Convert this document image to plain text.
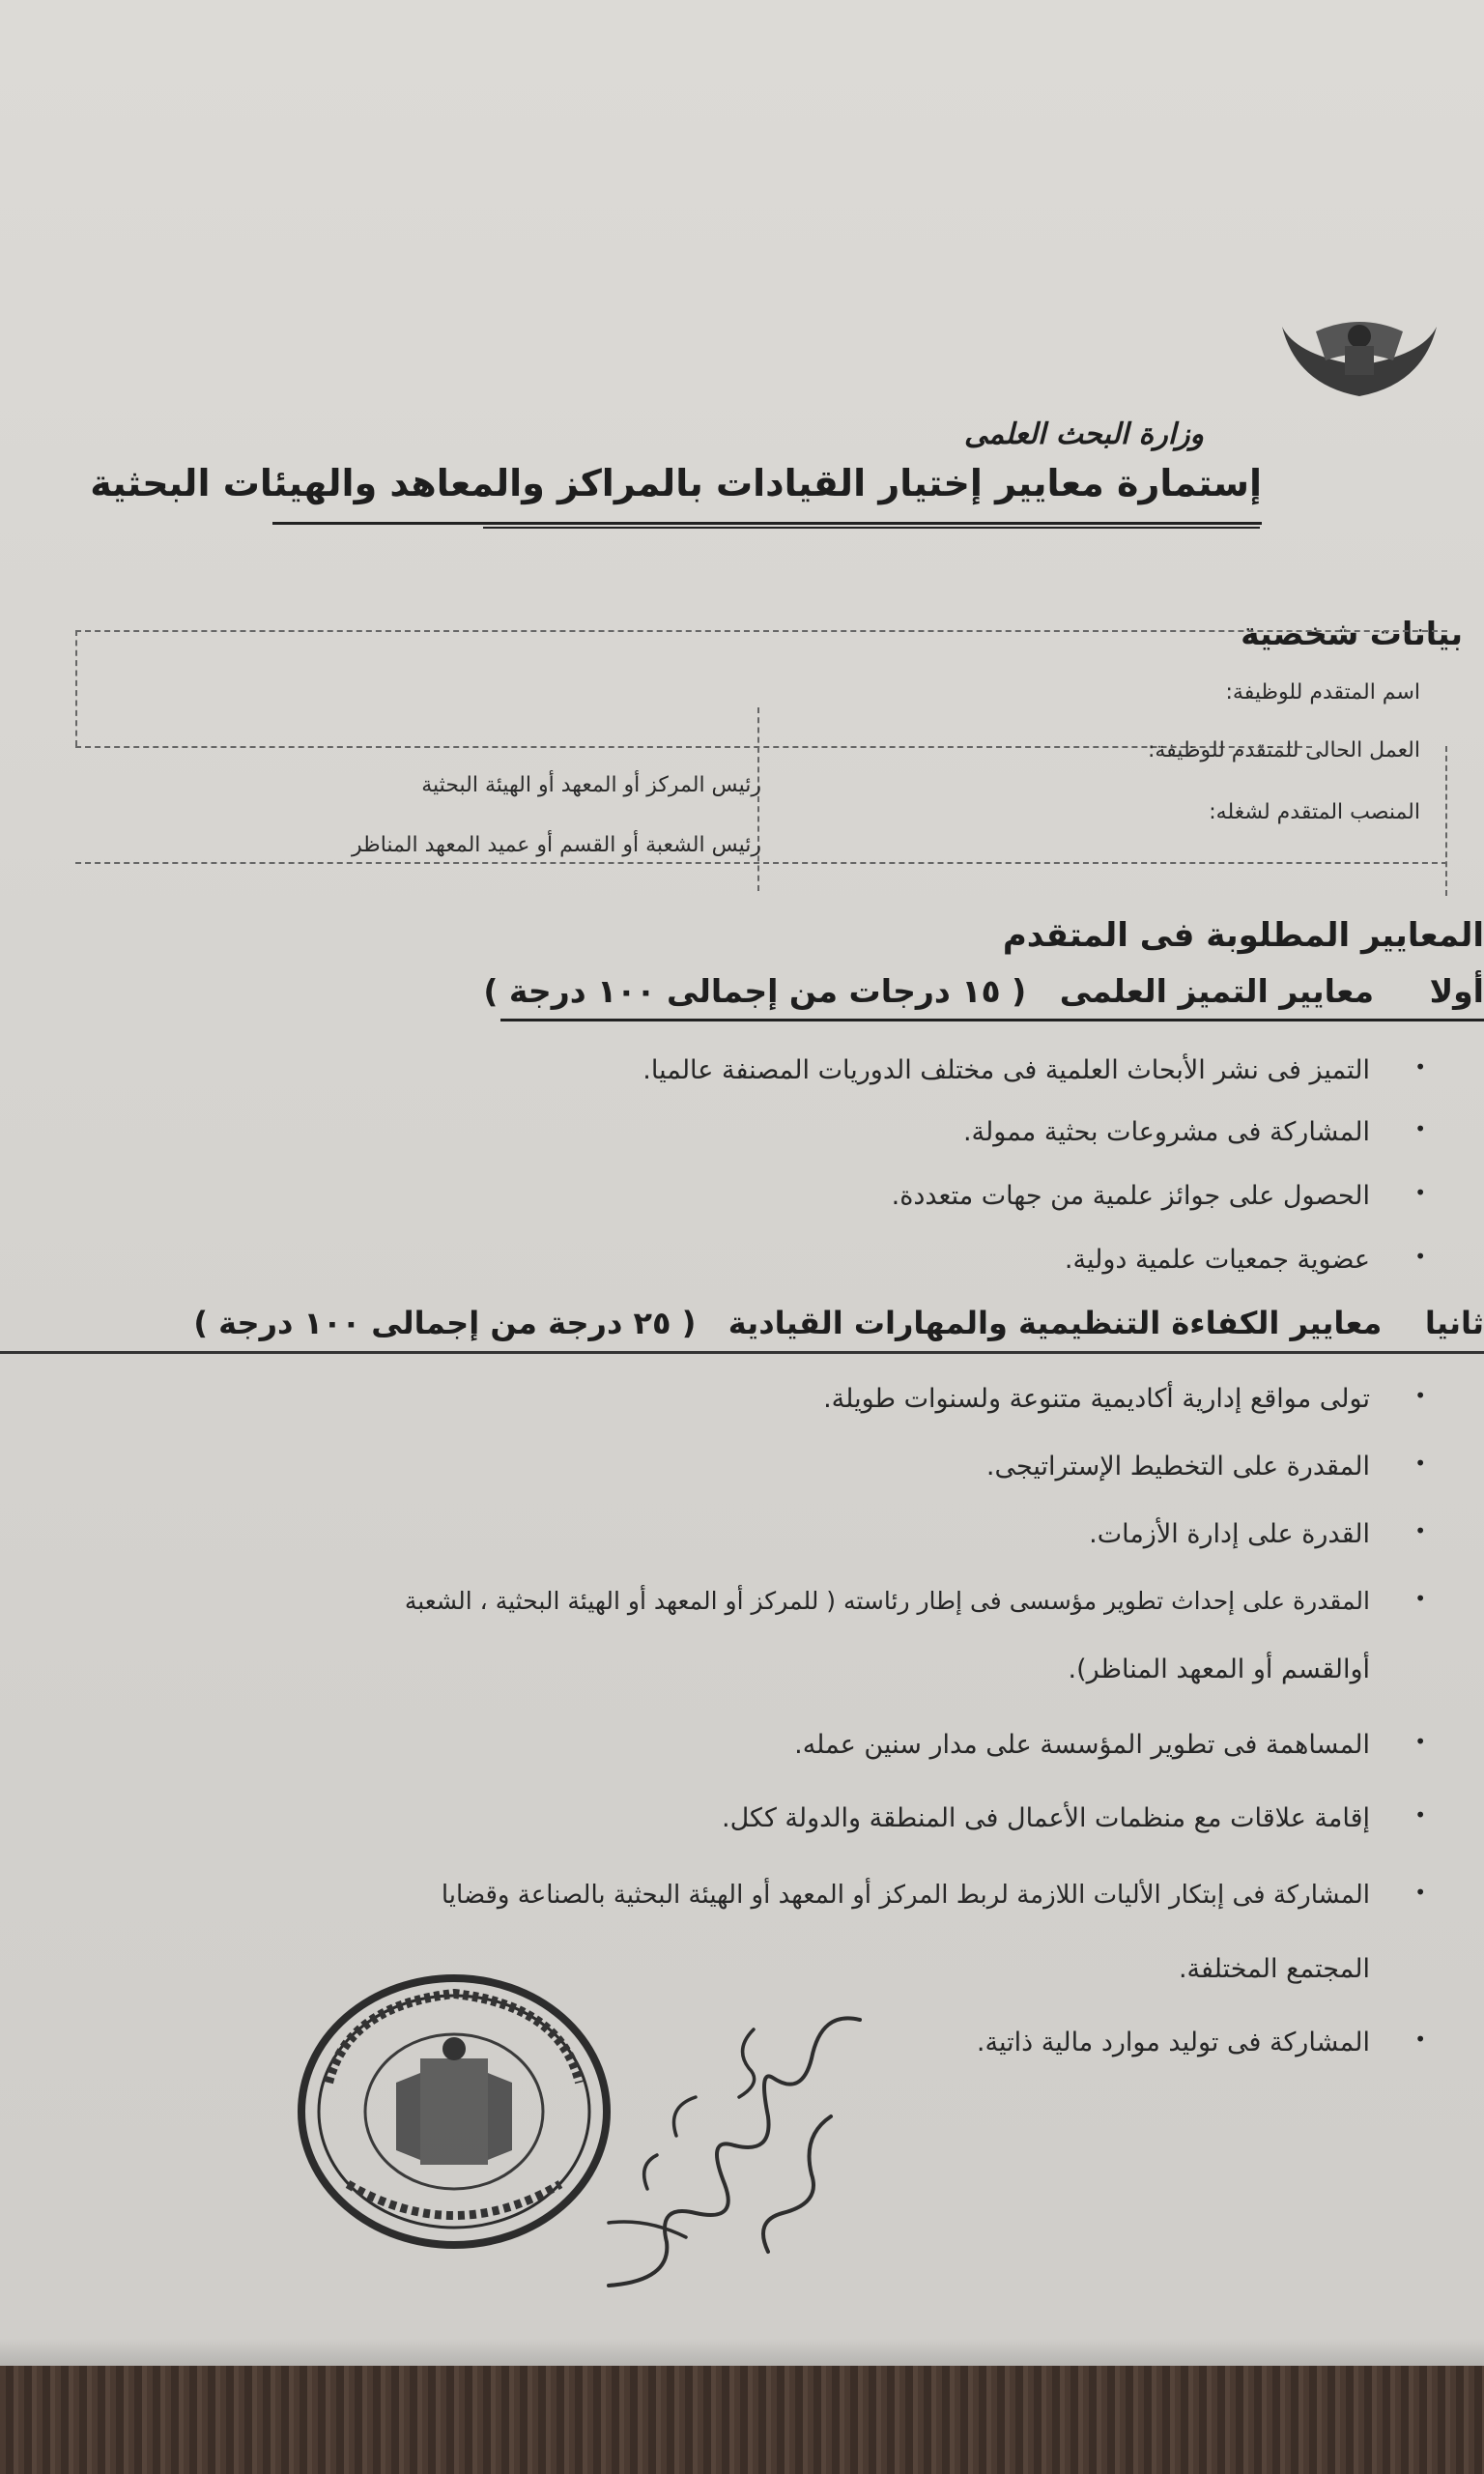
وزارة البحث العلمى
إستمارة معايير إختيار القيادات بالمراكز والمعاهد والهيئات البحثية
بيانات شخصية
اسم المتقدم للوظيفة:
العمل الحالى للمتقدم للوظيفة:
المنصب المتقدم لشغله:
رئيس المركز أو المعهد أو الهيئة البحثية
رئيس الشعبة أو القسم أو عميد المعهد المناظر
المعايير المطلوبة فى المتقدم
أولا     معايير التميز العلمى   ( ١٥ درجات من إجمالى ١٠٠ درجة )
•
التميز فى نشر الأبحاث العلمية فى مختلف الدوريات المصنفة عالميا.
•
المشاركة فى مشروعات بحثية ممولة.
•
الحصول على جوائز علمية من جهات متعددة.
•
عضوية جمعيات علمية دولية.
ثانيا    معايير الكفاءة التنظيمية والمهارات القيادية   ( ٢٥ درجة من إجمالى ١٠٠ درجة )
•
تولى مواقع إدارية أكاديمية متنوعة ولسنوات طويلة.
•
المقدرة على التخطيط الإستراتيجى.
•
القدرة على إدارة الأزمات.
•
المقدرة على إحداث تطوير مؤسسى فى إطار رئاسته ( للمركز أو المعهد أو الهيئة البحثية ، الشعبة
أوالقسم أو المعهد المناظر).
•
المساهمة فى تطوير المؤسسة على مدار سنين عمله.
•
إقامة علاقات مع منظمات الأعمال فى المنطقة والدولة ككل.
•
المشاركة فى إبتكار الأليات اللازمة لربط المركز أو المعهد أو الهيئة البحثية بالصناعة وقضايا
المجتمع المختلفة.
•
المشاركة فى توليد موارد مالية ذاتية.
